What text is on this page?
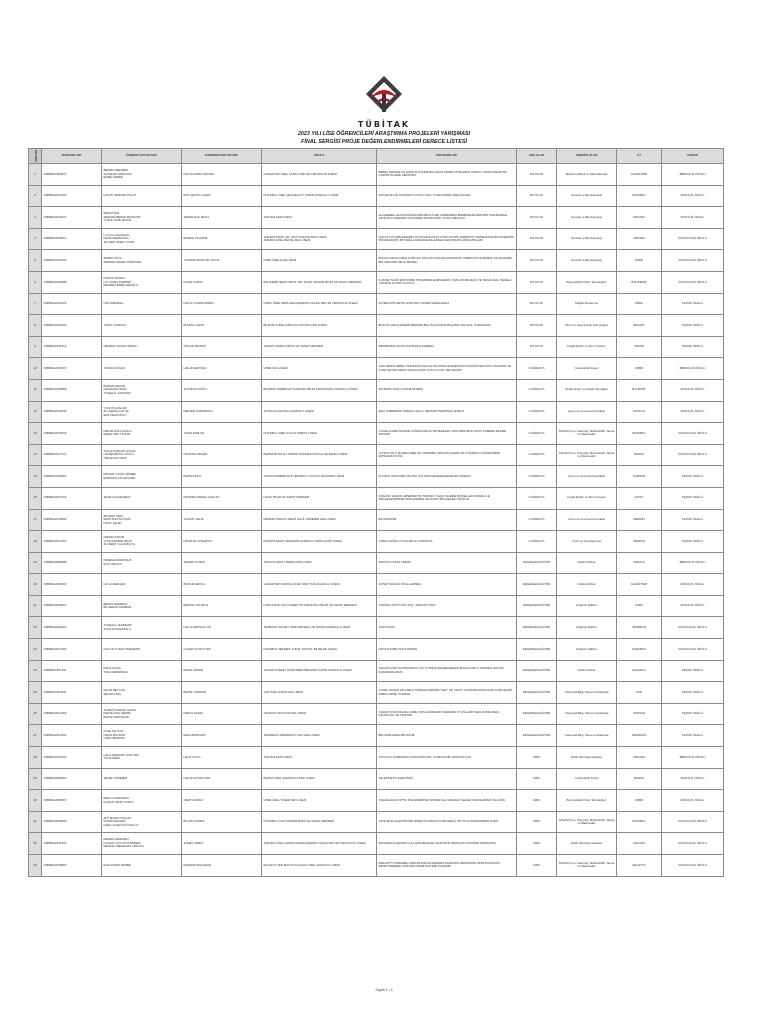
TÜBİTAK
2023 YILI LİSE ÖĞRENCİLERİ ARAŞTIRMA PROJELERİ YARIŞMASI
FİNAL SERGİSİ PROJE DEĞERLENDİRMELERİ DERECE LİSTESİ
SIRA NO	BAŞVURU NO	ÖĞRENCİ ADI SOYADI	DANIŞMAN ADI SOYADI	OKULU	PROJENİN ADI	ANA ALAN	TEMATİK ALAN	İLİ	KARAR
1	1689B012389574	BERRİN MERMER
SUDENAZ DİRGÖĞA
EMRE ÖZMEN	FATOŞ EMRA ÖZTÜRK	GAZİANTEP ÖZEL SANKO FEN VE TEKNOLOJİ LİSESİ	BEBEK MAMASI VE ANNE SÜTÜNDE BULUNAN PROBİYOTİKLERİN TESPİTİ YAPAN PARANTİK GÖRÜNTÜLEME SENSÖRÜ	BİYOLOJİ	Malzeme Bilimi ve Nanoteknoloji	GAZİANTEP	BİRİNCİLİK ÖDÜLÜ
2	1689B012319780	HAYATİ SENCER POLAT	İRAY METİN GÜLER	İSTANBUL ÖZEL ÇENGELKÖY PINAR ANADOLU LİSESİ	MİTOFAJİN VE KONDRİN ÇUKUN YAKA YİYLEŞTİRME ÖZELLİKLERİ	BİYOLOJİ	Genetik ve Biyoteknoloji	İSTANBUL	İKİNCİLİK ÖDÜLÜ
3	1689B012340270	İREM PÜLE
SERDAR BERKE BOZKURT
YUSUF SAİD AKTAN	ZERER ELİF BALCI	ANKARA FEN LİSESİ	ALZHEİMER HASTALIĞINDA METABOLİTLER ÜZERİNDEN BİZEBİLECEĞİMİZ BİR TEŞHİSSEKE YENİLİKÇİ HİBRİDEL NANOSPEKTROSKOPİSİ UYGULAMALARI	BİYOLOJİ	Genetik ve Biyoteknoloji	ANKARA	İKİNCİLİK ÖDÜLÜ
4	1689B012332811	UYGUL LAVAŞKAN
NİHAN DEDEOĞLU
ZEYNEP SİNEK YILDIZ	EMRAH YILDIRIM	ANKARA PROF. DR. AZİZ SANCAR FEN LİSESİ
ANKARA ÖZEL BEVSE FEN LİSESİ	HACAT KÜLTÜRLERİNDE OLUŞTURULAN İN VİTRO ATOPİK DERMATİT MODELİNDE PROLİFERATİF PROLİFERATİF BİYODEL LARDAN ELDE EDİLEN EKSTRAKTLARIN ETKİLERİ	BİYOLOJİ	Genetik ve Biyoteknoloji	ANKARA	ÜÇÜNCÜLÜK ÖDÜLÜ
5	1689B012341262	ZEREN ÖVÜL
ZERREN ZEHRA ÖNDÜVER	YASEMİN BONCUK YAVUZ	İZMİR ÖZEL EGE LİSESİ	BÖCEK GENİ HOMOLOJİSİYLE VARYASYONLARA PROMATİK ONERİYAN YETENEĞİ İLE ESLEŞEN BİR GENOMİK BİLGİ MODELİ	BİYOLOJİ	Genetik ve Biyoteknoloji	İZMİR	ÜÇÜNCÜLÜK ÖDÜLÜ
6	1689B012348388	DORUK SARAN
UYL DORA DURMAZ
MEHMET EMRE EROĞLU	PINAR KARAZ	BALIKESİR ŞEHİT PROF. DR. İLHAN VARANK BİLİM VE SANAT MERKEZİ	KUATEK TAKIP-ETKİSİNDE TIPSİZİRME ENZİMLERİN YAPILAŞTIRILMASI VE TRİGNOSAL TEMELLİ YAPIDAN KLAVİTÜN ROLÜ	BİYOLOJİ	Biyomedikal Cihaz Teknolojileri	BALIKESİR	ÜÇÜNCÜLÜK ÖDÜLÜ
7	1689B012329126	CAN MENDİLLİ	HÜLYA YILMAZ MİRZA	ORDU ÖZEL ORDU BAHÇEŞEHİR KOLEJİ FEN VE TEKNOLOJİ LİSESİ	ALTERNATİF BEYİN GÖRÜNTÜ İŞARETLEME ARACI	BİYOLOJİ	Sağlıklı Beslenme	ORDU	TEŞVİK ÖDÜLÜ
8	1689B012346293	YAĞIZ CANKAYA	BÜLBÜL ÇAKIR	BİLECİK KÜFELİ ARSLAN ÖZTÜRK FEN LİSESİ	BİLECİK ÇEKÜLDÜRER BERKER BAL DUALIĞININ BİLE BİR UZLUSAL KURULMASI	BİYOLOJİ	Tarım ve Hayvancılık Teknolojileri	BİLECİK	TEŞVİK ÖDÜLÜ
9	1689B012338713	MEHMET ARHAN SEZGÜ	ÖZGAN SEVİNCİ	ADANA TÜFEKÇİ BİLİM VE SANAT MERKEZİ	DEPREMDE HAYAT KURTARAN KAMERA	BİYOLOJİ	Doğal Afetler ve Afet Yönetimi	ADANA	TEŞVİK ÖDÜLÜ
10	1689B012321567	TURAN DOĞAN	HAKAN ERVİVAN	İZMİR FEN LİSESİ	AÇIK DENİZ HEBELİ SMAKDSE (DALGA VE RÜZGAR ENERJİSİ) DÖNÜŞTÜRÜCÜSÜ TASARIMI VE İLAMİYEZ BİR DENİZ KIRSALKLARI İÇİN UYGUN YER SEÇİMİ	COĞRAFYA	Yenilenebilir Enerji	İZMİR	BİRİNCİLİK ÖDÜLÜ
11	1689B012333858	BURKAN BAKIR
OZLEM BAYRAM
AYŞEGÜL SATILMIŞ	ALTINKAN DOĞU	BAYBURT EDEBİYAT GÜNDÜZÜ BİLİM PROGRAMLI ANADOLU LİSESİ	BAYBURT DOĞA TANIMI MÜZESİ	COĞRAFYA	Doğal Afetler ve Doğal Kaynaklar	BAYBURT	İKİNCİLİK ÖDÜLÜ
12	1689B012332845	YUNUS SAĞLAM
ALİ KEMAL KAYUŞ
EFE ÇELİKOĞLU	MELTEM KARADOĞU	ANTALYA KARATAY ANADOLU LİSESİ	EKİZ HABERİMİZ YABANCI AKILLI SENSÖR TERMİNALİ ROBOT	COĞRAFYA	Çevre ve Çevresel Kaynaklar	ANTALYA	İKİNCİLİK ÖDÜLÜ
13	1689B012315318	DEFNE DÖLLÜOĞLU
EMEN UMUT İLHAN	YASİN KAPLAN	İSTANBUL ÖZEL KÜÇÜK PRENS LİSESİ	GÜLER KAMPÜSÜNDE COĞRAFİ BİLGİ SİSTEMLERİ (CBS) DESTEKLİ AKTİF KAMERA İZLEME SİSTEMİ	COĞRAFYA	STEAM (Fen, Teknoloji, Mühendislik, Sanat ve Matematik)	İSTANBUL	ÜÇÜNCÜLÜK ÖDÜLÜ
14	1689B012327721	TALHA FURKAN GÜNAY
HACER BETÜL SÖYLÜ
ÖZLEM AKYILDIZ	MUSTAFA SEVER	BURSA BTSO ALİ OSMAN SÖNMEZ SOSYAL BİLİMLER LİSESİ	UÇ BOYUTLU MODELLEME VE YAZDIRMA TEKNOLOJİLERİ İLE COĞRAFYA ÖĞRETİMİNE ENTEGRASYONU	COĞRAFYA	STEAM (Fen, Teknoloji, Mühendislik, Sanat ve Matematik)	BURSA	ÜÇÜNCÜLÜK ÖDÜLÜ
15	1689B012346587	RIDVAN YUSUF ŞİMŞEK
EMİRHAN ÇALIŞKANEL	KERİM ÜNLÜ	SAMSUN ERBAKANT TEKKEKÖY SOSYAL BİLİMLER LİSESİ	PLASTİK ATIKLARIN VE ATIK SULARIN DEĞERLENDİRİLEN TEŞHİSİ	COĞRAFYA	Çevre ve Çevresel Kaynaklar	SAMSUN	TEŞVİK ÖDÜLÜ
16	1689B012307415	ZEHRA KAHRAMAN	MUSTAFA KEMAL KALKAN	HATAY BİLİM VE SANAT MERKEZİ	DOĞANK ZAMAN HİPERPEKTİF TOPRAK YÜZEY İŞLEME MODELLERİ MODEL İLE DEĞERLENDİRME İNCELENMESİ VE AFAKTİ BÖLGELERİ TAVSİYE	COĞRAFYA	Doğal Afetler ve Afet Yönetimi	HATAY	TEŞVİK ÖDÜLÜ
17	1689B012318496	ZEYNEP SARI
EMİN SULTAN ÜNAL
NİSAY ŞAHİN	VOLKAT ÇELİK	MERSİN TARSUS ŞEHİT HALİL ÖZDEMİR FEN LİSESİ	EKOHUNTER	COĞRAFYA	Çevre ve Çevresel Kaynaklar	MERSİN	TEŞVİK ÖDÜLÜ
18	1689B012327163	KEREM AŞKAR
YUNUS EMRE ÇELİK
ALİ BERK YALÇINKAYA	HAYRİYE UYRAZKOY	ISPARTA ŞEHİT ŞEHKERİF ANADOLU İMAM HATİP LİSESİ	GÖBA ÇAĞDA OYUNLARLA COĞRAFYA	COĞRAFYA	Oyun ve Oyunlaştırma	ISPARTA	TEŞVİK ÖDÜLÜ
19	1689B012388988	NİMENA PAMUKSUZ
ELİF ÖZKAYA	SEMRA YILMAZ	AMASYA MACİT ZEREN FEN LİSESİ	AMASYA YAKAZ TEZKİP	DEĞERLER EĞİTİMİ	Kültürel Miras	AMASYA	BİRİNCİLİK ÖDÜLÜ
20	1689B012329253	LEYLA DENÇER	BURÇİN ERKOL	GAZİANTEP NURİYE-NASIF ORHT KIZ ANADOLU LİSESİ	ANTEP SOKAĞİ OKULLARINDA	DEĞERLER EĞİTİMİ	Kültürel Miras	GAZİANTEP	İKİNCİLİK ÖDÜLÜ
21	1689B012339610	BERRA DEMİRKIL
BİLGEHAN AKDENİZ	ERDİNÇ OKUMUŞ	KARS PROF. DR. FAHRETTİN KIRZIOĞLU BİLİM VE SANAT MERKEZİ	TARİHİN UNUTTUĞU TAŞ: "FRENTİK TAŞI"	DEĞERLER EĞİTİMİ	Değerler Eğitimi	KARS	İKİNCİLİK ÖDÜLÜ
22	1689B012339223	AYŞEGÜL ALEMDAR
SUNA HAMAMOĞLU	HÜLYA ABANOZ CİN	TRABZON SAFFET ÇEBİ MESLEKİ VE TEKNİK ANADOLU LİSESİ	TAHTA ASILI	DEĞERLER EĞİTİMİ	Değerler Eğitimi	TRABZON	ÜÇÜNCÜLÜK ÖDÜLÜ
23	1689B012322394	CEYLİN TUANA TAŞDEMİR	GÜLER GÜNÇTÜRK	KARABÜK MEHMET VURAL SOSYAL BİLİMLER LİSESİ	HEYETLE BİR ONCA BOKEN	DEĞERLER EĞİTİMİ	Değerler Eğitimi	KARABÜK	ÜÇÜNCÜLÜK ÖDÜLÜ
24	1689B012351781	RANA ALTAŞ
TANA DEMİRKILIK	BARIŞ ÖZGEN	SAKARYA ŞEHİT ÖĞRETMEN İBRAHİM FANKIK ANADOLU LİSESİ	SAKARYA'NIN KAYBOLMAYA YÜZ TUTMUŞ DEĞERLERİNİN MASALLARLA YENİDEN HAYATA KAZANDIRILMASI	DEĞERLER EĞİTİMİ	Kültürel Miras	SAKARYA	TEŞVİK ÖDÜLÜ
25	1689B012352331	KEVİN BEYCAN
SELAN ATEŞ	BARIŞ YILDIRAR	VAN ÖZEL SANATLAR LİSESİ	GÜZEL SANATLAR LİSESİ ÖĞRENCİLERİNİN "SES" VE "NOTA" KAVRAMLARINA DAİR GÖRÜŞLERİ: KİBEİY-DZME YILDIRLE	DEĞERLER EĞİTİMİ	Yaşamsal Bilgi, Sanat ve Edebiyat	VAN	TEŞVİK ÖDÜLÜ
26	1689B012322455	AHMET FURKAN ŞAFAK
KERAN ANIL DEMİR
BURAK ERDOĞAN	DERYA ŞAFAK	SAMSUN AZİZ ATİK FEN LİSESİ	YAŞANTI KONUSUNA GÖRE YAPILANDIRILMIŞ SERAMİK OYUNLARIN ŞEKLİN BİR AMAÇ UZUNLUĞU VE TANITIMI	DEĞERLER EĞİTİMİ	Yaşamsal Bilgi, Sanat ve Edebiyat	SAMSUN	TEŞVİK ÖDÜLÜ
27	1689B012327954	AYŞE TELCAN
NİSAN BAYDAR
GİRİN SENDOR	ESRA BOZKURT	TEKİRDAĞ ÇERKEZKÖY ASA FEN LİSESİ	BİR SAMLANDA BİN KALBİ	DEĞERLER EĞİTİMİ	Yaşamsal Bilgi, Sanat ve Edebiyat	TEKİRDAĞ	TEŞVİK ÖDÜLÜ
28	1689B012345492	HALİL İBRAHİM YENTÜRK
TUNA ÖZEK	HALİT KOCA	ANKARA FEN LİSESİ	OTO KULLANIMINDAN KONUM BULMA: ULTRASONİK NAVİGASYON	FİZİK	Mobil Teknoloji Havirlete	ANKARA	BİRİNCİLİK ÖDÜLÜ
29	1689B012366560	SENEL ÖZDEMİR	HAKAN DÜVEYNAK	BURSA ÖZEL ŞAHİNKAYA FEN LİSESİ	TELEKİNETİK ELEKTRİĞİ	FİZİK	Yenilenebilir Enerji	BURSA	İKİNCİLİK ÖDÜLÜ
30	1689B012368567	EREN KAHRAMAN
KUZGAY BARİ TOSUN	MERT DURAN	İZMİR ÖZEL TANER FEN LİSESİ	TASARLANAN OPTİK POLARİMETRE SİSTEMİ İLE GIDADAKİ ŞEKER ORANLARININ ÖLÇÜMÜ	FİZİK	Biyomedikal Cihaz Teknolojileri	İZMİR	İKİNCİLİK ÖDÜLÜ
31	1689B012329599	ALP MURAT KINCAK
RIYAM DENÇER
NAZLI AYŞE KÜÇÜKOLLÜ	BİLGİN ÖVNEN	İSTANBUL FUAT MODEM BİLİM VE SANAT MERKEZİ	YENİ NESİL ELEKTRONİK ENERJİ KURMAK KUZKOPELLİ OPTİK KONUMANDIRIR KADN	FİZİK	STEAM (Fen, Teknoloji, Mühendislik, Sanat ve Matematik)	İSTANBUL	ÜÇÜNCÜLÜK ÖDÜLÜ
32	1689B012305332	KEREM GELEGEN
KONGUT AYA SÖYLEMMEZ
MERTALİ MELEKSİN TEKCAN	AHMET ARBAY	ANKARA ÖZEL ÇANKAYA BAHÇEŞEHİR KOLEJİ FEN VE TEKNOLOJİ LİSESİ	BAVANDA ALANINDA KULLANILABİLECEK PARANTİK PERLATİK TASARIMI (PARANTİK)	FİZİK	Mobil Teknoloji Havirlete	ANKARA	ÜÇÜNCÜLÜK ÖDÜLÜ
33	1689B012349953	EGE SONAT DERBE	FERİDUN BALAMAN	MALATYA TED MALATYA KOLEJİ ÖZEL ANADOLU LİSESİ	PARAZİTTİ PORAMED ÖZDUDUNDA DÜŞLENEN PARANTİK RESONANS SPEKTROSKOPİ (RESPTİRMERE) GÖRÜNTÜLEME SİSTEMİ TASARIMI	FİZİK	STEAM (Fen, Teknoloji, Mühendislik, Sanat ve Matematik)	MALATYA	ÜÇÜNCÜLÜK ÖDÜLÜ
Sayfa 1 / 4
